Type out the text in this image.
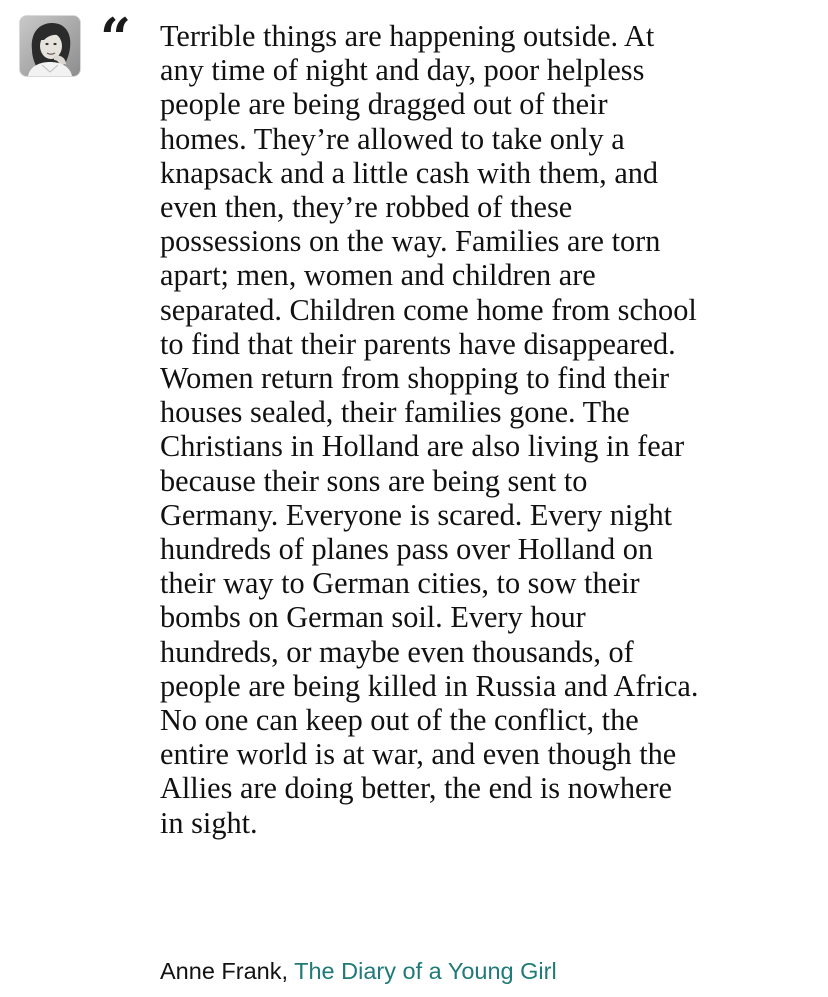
“ Terrible things are happening outside. At
any time of night and day, poor helpless
people are being dragged out of their
homes. They’re allowed to take only a
knapsack and a little cash with them, and
even then, they’re robbed of these
possessions on the way. Families are torn
apart; men, women and children are
separated. Children come home from school
to find that their parents have disappeared.
Women return from shopping to find their
houses sealed, their families gone. The
Christians in Holland are also living in fear
because their sons are being sent to
Germany. Everyone is scared. Every night
hundreds of planes pass over Holland on
their way to German cities, to sow their
bombs on German soil. Every hour
hundreds, or maybe even thousands, of
people are being killed in Russia and Africa.
No one can keep out of the conflict, the
entire world is at war, and even though the
Allies are doing better, the end is nowhere
in sight.
Anne Frank, The Diary of a Young Girl
